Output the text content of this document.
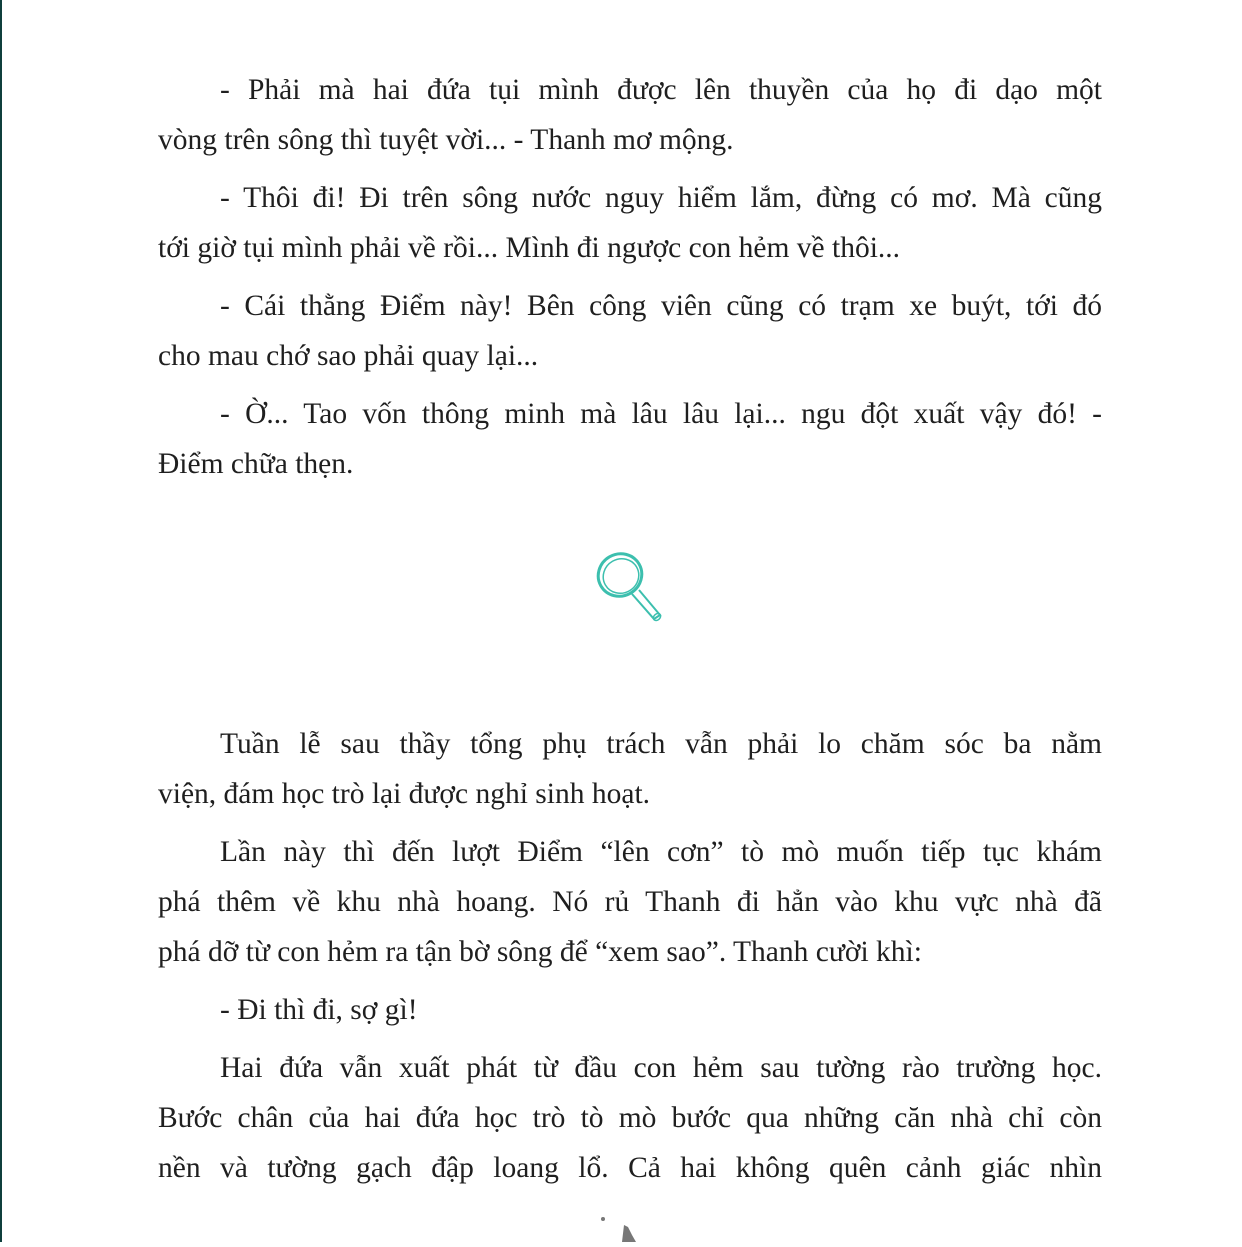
- Phải mà hai đứa tụi mình được lên thuyền của họ đi dạo một
vòng trên sông thì tuyệt vời... - Thanh mơ mộng.
- Thôi đi! Đi trên sông nước nguy hiểm lắm, đừng có mơ. Mà cũng
tới giờ tụi mình phải về rồi... Mình đi ngược con hẻm về thôi...
- Cái thằng Điểm này! Bên công viên cũng có trạm xe buýt, tới đó
cho mau chớ sao phải quay lại...
- Ờ... Tao vốn thông minh mà lâu lâu lại... ngu đột xuất vậy đó! -
Điểm chữa thẹn.
Tuần lễ sau thầy tổng phụ trách vẫn phải lo chăm sóc ba nằm
viện, đám học trò lại được nghỉ sinh hoạt.
Lần này thì đến lượt Điểm “lên cơn” tò mò muốn tiếp tục khám
phá thêm về khu nhà hoang. Nó rủ Thanh đi hẳn vào khu vực nhà đã
phá dỡ từ con hẻm ra tận bờ sông để “xem sao”. Thanh cười khì:
- Đi thì đi, sợ gì!
Hai đứa vẫn xuất phát từ đầu con hẻm sau tường rào trường học.
Bước chân của hai đứa học trò tò mò bước qua những căn nhà chỉ còn
nền và tường gạch đập loang lổ. Cả hai không quên cảnh giác nhìn
